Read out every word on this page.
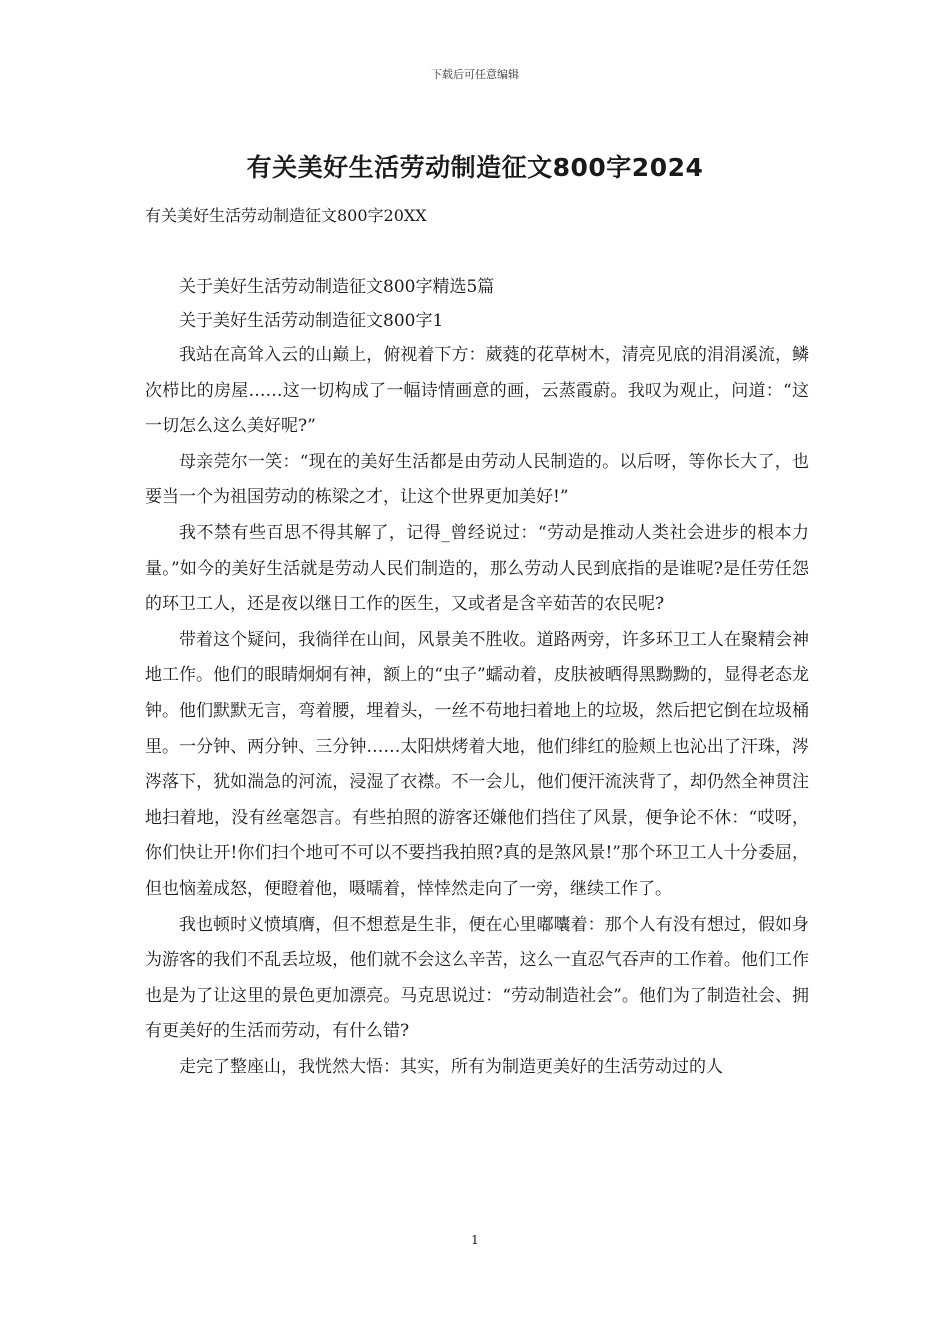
下载后可任意编辑
有关美好生活劳动制造征文800字2024
有关美好生活劳动制造征文800字20XX

关于美好生活劳动制造征文800字精选5篇

关于美好生活劳动制造征文800字1

我站在高耸入云的山巅上，俯视着下方：葳蕤的花草树木，清亮见底的涓涓溪流，鳞次栉比的房屋……这一切构成了一幅诗情画意的画，云蒸霞蔚。我叹为观止，问道：“这一切怎么这么美好呢?”

母亲莞尔一笑：“现在的美好生活都是由劳动人民制造的。以后呀，等你长大了，也要当一个为祖国劳动的栋梁之才，让这个世界更加美好!”

我不禁有些百思不得其解了，记得_曾经说过：“劳动是推动人类社会进步的根本力量。”如今的美好生活就是劳动人民们制造的，那么劳动人民到底指的是谁呢?是任劳任怨的环卫工人，还是夜以继日工作的医生，又或者是含辛茹苦的农民呢?

带着这个疑问，我徜徉在山间，风景美不胜收。道路两旁，许多环卫工人在聚精会神地工作。他们的眼睛炯炯有神，额上的“虫子”蠕动着，皮肤被晒得黑黝黝的，显得老态龙钟。他们默默无言，弯着腰，埋着头，一丝不苟地扫着地上的垃圾，然后把它倒在垃圾桶里。一分钟、两分钟、三分钟……太阳烘烤着大地，他们绯红的脸颊上也沁出了汗珠，涔涔落下，犹如湍急的河流，浸湿了衣襟。不一会儿，他们便汗流浃背了，却仍然全神贯注地扫着地，没有丝毫怨言。有些拍照的游客还嫌他们挡住了风景，便争论不休：“哎呀，你们快让开!你们扫个地可不可以不要挡我拍照?真的是煞风景!”那个环卫工人十分委屈，但也恼羞成怒，便瞪着他，嗫嚅着，悻悻然走向了一旁，继续工作了。

我也顿时义愤填膺，但不想惹是生非，便在心里嘟囔着：那个人有没有想过，假如身为游客的我们不乱丢垃圾，他们就不会这么辛苦，这么一直忍气吞声的工作着。他们工作也是为了让这里的景色更加漂亮。马克思说过：“劳动制造社会”。他们为了制造社会、拥有更美好的生活而劳动，有什么错?

走完了整座山，我恍然大悟：其实，所有为制造更美好的生活劳动过的人

1
